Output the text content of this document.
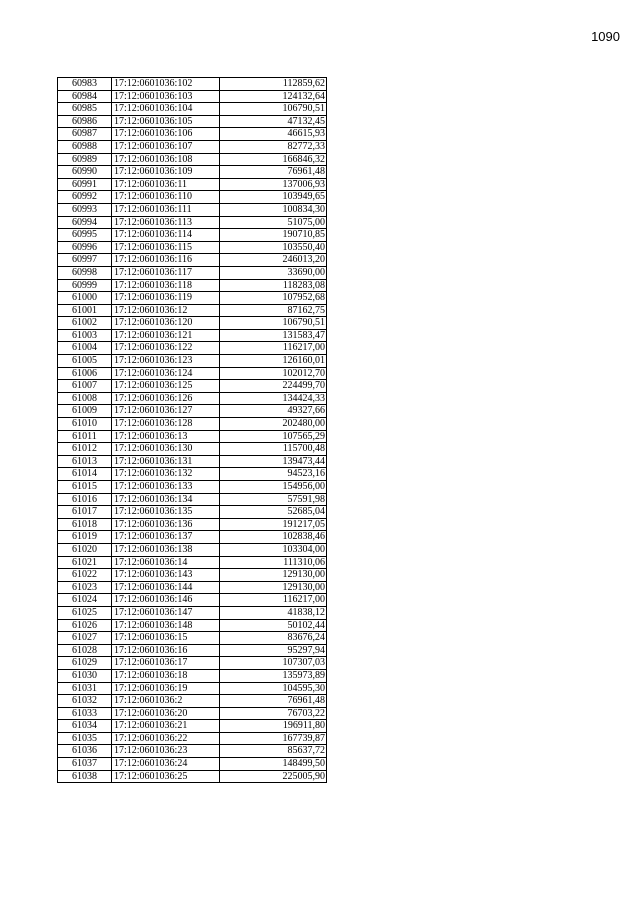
1090
60983	17:12:0601036:102	112859,62
60984	17:12:0601036:103	124132,64
60985	17:12:0601036:104	106790,51
60986	17:12:0601036:105	47132,45
60987	17:12:0601036:106	46615,93
60988	17:12:0601036:107	82772,33
60989	17:12:0601036:108	166846,32
60990	17:12:0601036:109	76961,48
60991	17:12:0601036:11	137006,93
60992	17:12:0601036:110	103949,65
60993	17:12:0601036:111	100834,30
60994	17:12:0601036:113	51075,00
60995	17:12:0601036:114	190710,85
60996	17:12:0601036:115	103550,40
60997	17:12:0601036:116	246013,20
60998	17:12:0601036:117	33690,00
60999	17:12:0601036:118	118283,08
61000	17:12:0601036:119	107952,68
61001	17:12:0601036:12	87162,75
61002	17:12:0601036:120	106790,51
61003	17:12:0601036:121	131583,47
61004	17:12:0601036:122	116217,00
61005	17:12:0601036:123	126160,01
61006	17:12:0601036:124	102012,70
61007	17:12:0601036:125	224499,70
61008	17:12:0601036:126	134424,33
61009	17:12:0601036:127	49327,66
61010	17:12:0601036:128	202480,00
61011	17:12:0601036:13	107565,29
61012	17:12:0601036:130	115700,48
61013	17:12:0601036:131	139473,44
61014	17:12:0601036:132	94523,16
61015	17:12:0601036:133	154956,00
61016	17:12:0601036:134	57591,98
61017	17:12:0601036:135	52685,04
61018	17:12:0601036:136	191217,05
61019	17:12:0601036:137	102838,46
61020	17:12:0601036:138	103304,00
61021	17:12:0601036:14	111310,06
61022	17:12:0601036:143	129130,00
61023	17:12:0601036:144	129130,00
61024	17:12:0601036:146	116217,00
61025	17:12:0601036:147	41838,12
61026	17:12:0601036:148	50102,44
61027	17:12:0601036:15	83676,24
61028	17:12:0601036:16	95297,94
61029	17:12:0601036:17	107307,03
61030	17:12:0601036:18	135973,89
61031	17:12:0601036:19	104595,30
61032	17:12:0601036:2	76961,48
61033	17:12:0601036:20	76703,22
61034	17:12:0601036:21	196911,80
61035	17:12:0601036:22	167739,87
61036	17:12:0601036:23	85637,72
61037	17:12:0601036:24	148499,50
61038	17:12:0601036:25	225005,90
